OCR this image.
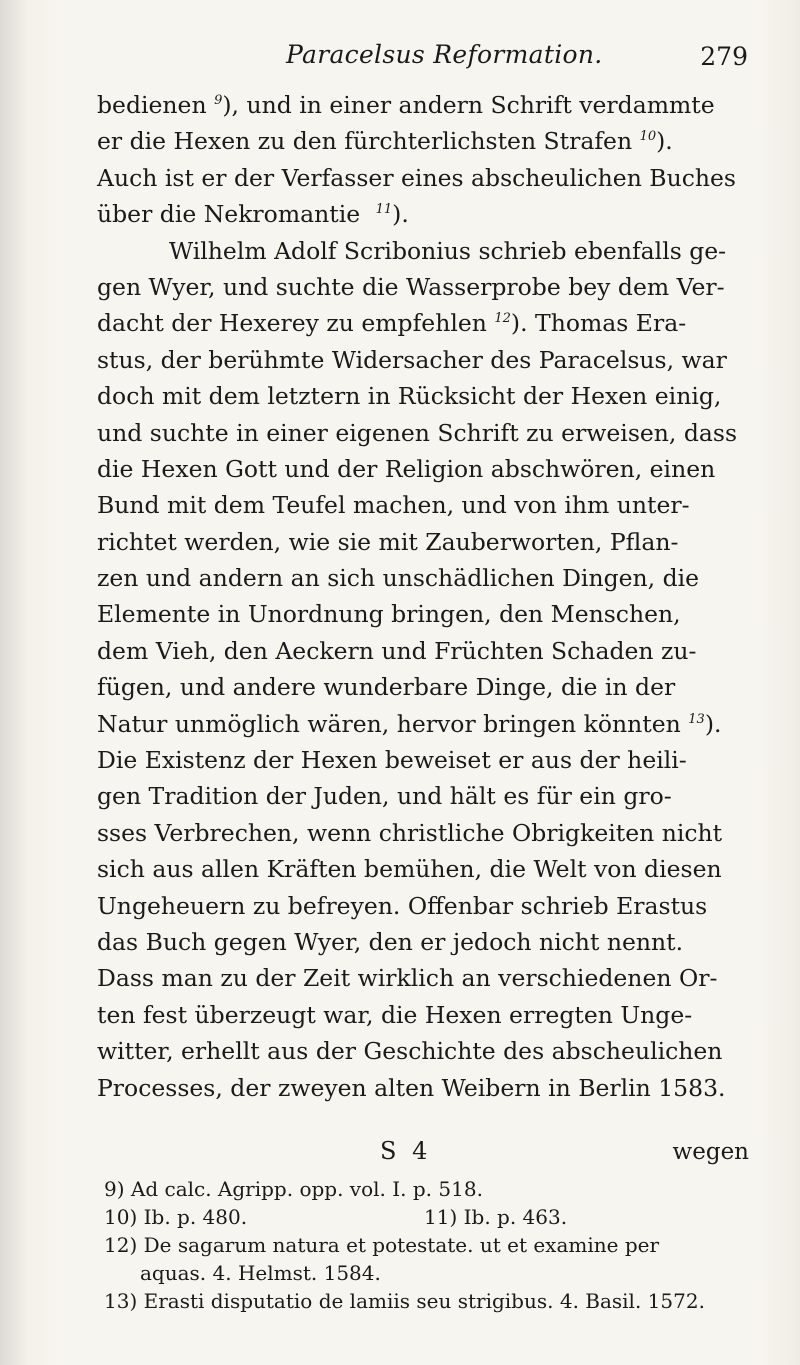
Paracelsus Reformation.	279
bedienen $^9$), und in einer andern Schrift verdammte
er die Hexen zu den fürchterlichsten Strafen $^{10}$).
Auch ist er der Verfasser eines abscheulichen Buches
über die Nekromantie $^{11}$).
Wilhelm Adolf Scribonius schrieb ebenfalls ge-
gen Wyer, und suchte die Wasserprobe bey dem Ver-
dacht der Hexerey zu empfehlen $^{12}$). Thomas Era-
stus, der berühmte Widersacher des Paracelsus, war
doch mit dem letztern in Rücksicht der Hexen einig,
und suchte in einer eigenen Schrift zu erweisen, dass
die Hexen Gott und der Religion abschwören, einen
Bund mit dem Teufel machen, und von ihm unter-
richtet werden, wie sie mit Zauberworten, Pflan-
zen und andern an sich unschädlichen Dingen, die
Elemente in Unordnung bringen, den Menschen,
dem Vieh, den Aeckern und Früchten Schaden zu-
fügen, und andere wunderbare Dinge, die in der
Natur unmöglich wären, hervor bringen könnten $^{13}$).
Die Existenz der Hexen beweiset er aus der heili-
gen Tradition der Juden, und hält es für ein gro-
sses Verbrechen, wenn christliche Obrigkeiten nicht
sich aus allen Kräften bemühen, die Welt von diesen
Ungeheuern zu befreyen. Offenbar schrieb Erastus
das Buch gegen Wyer, den er jedoch nicht nennt.
Dass man zu der Zeit wirklich an verschiedenen Or-
ten fest überzeugt war, die Hexen erregten Unge-
witter, erhellt aus der Geschichte des abscheulichen
Processes, der zweyen alten Weibern in Berlin 1583.
S 4	wegen
9) Ad calc. Agripp. opp. vol. I. p. 518.
10) Ib. p. 480.	11) Ib. p. 463.
12) De sagarum natura et potestate. ut et examine per
aquas. 4. Helmst. 1584.
13) Erasti disputatio de lamiis seu strigibus. 4. Basil. 1572.
